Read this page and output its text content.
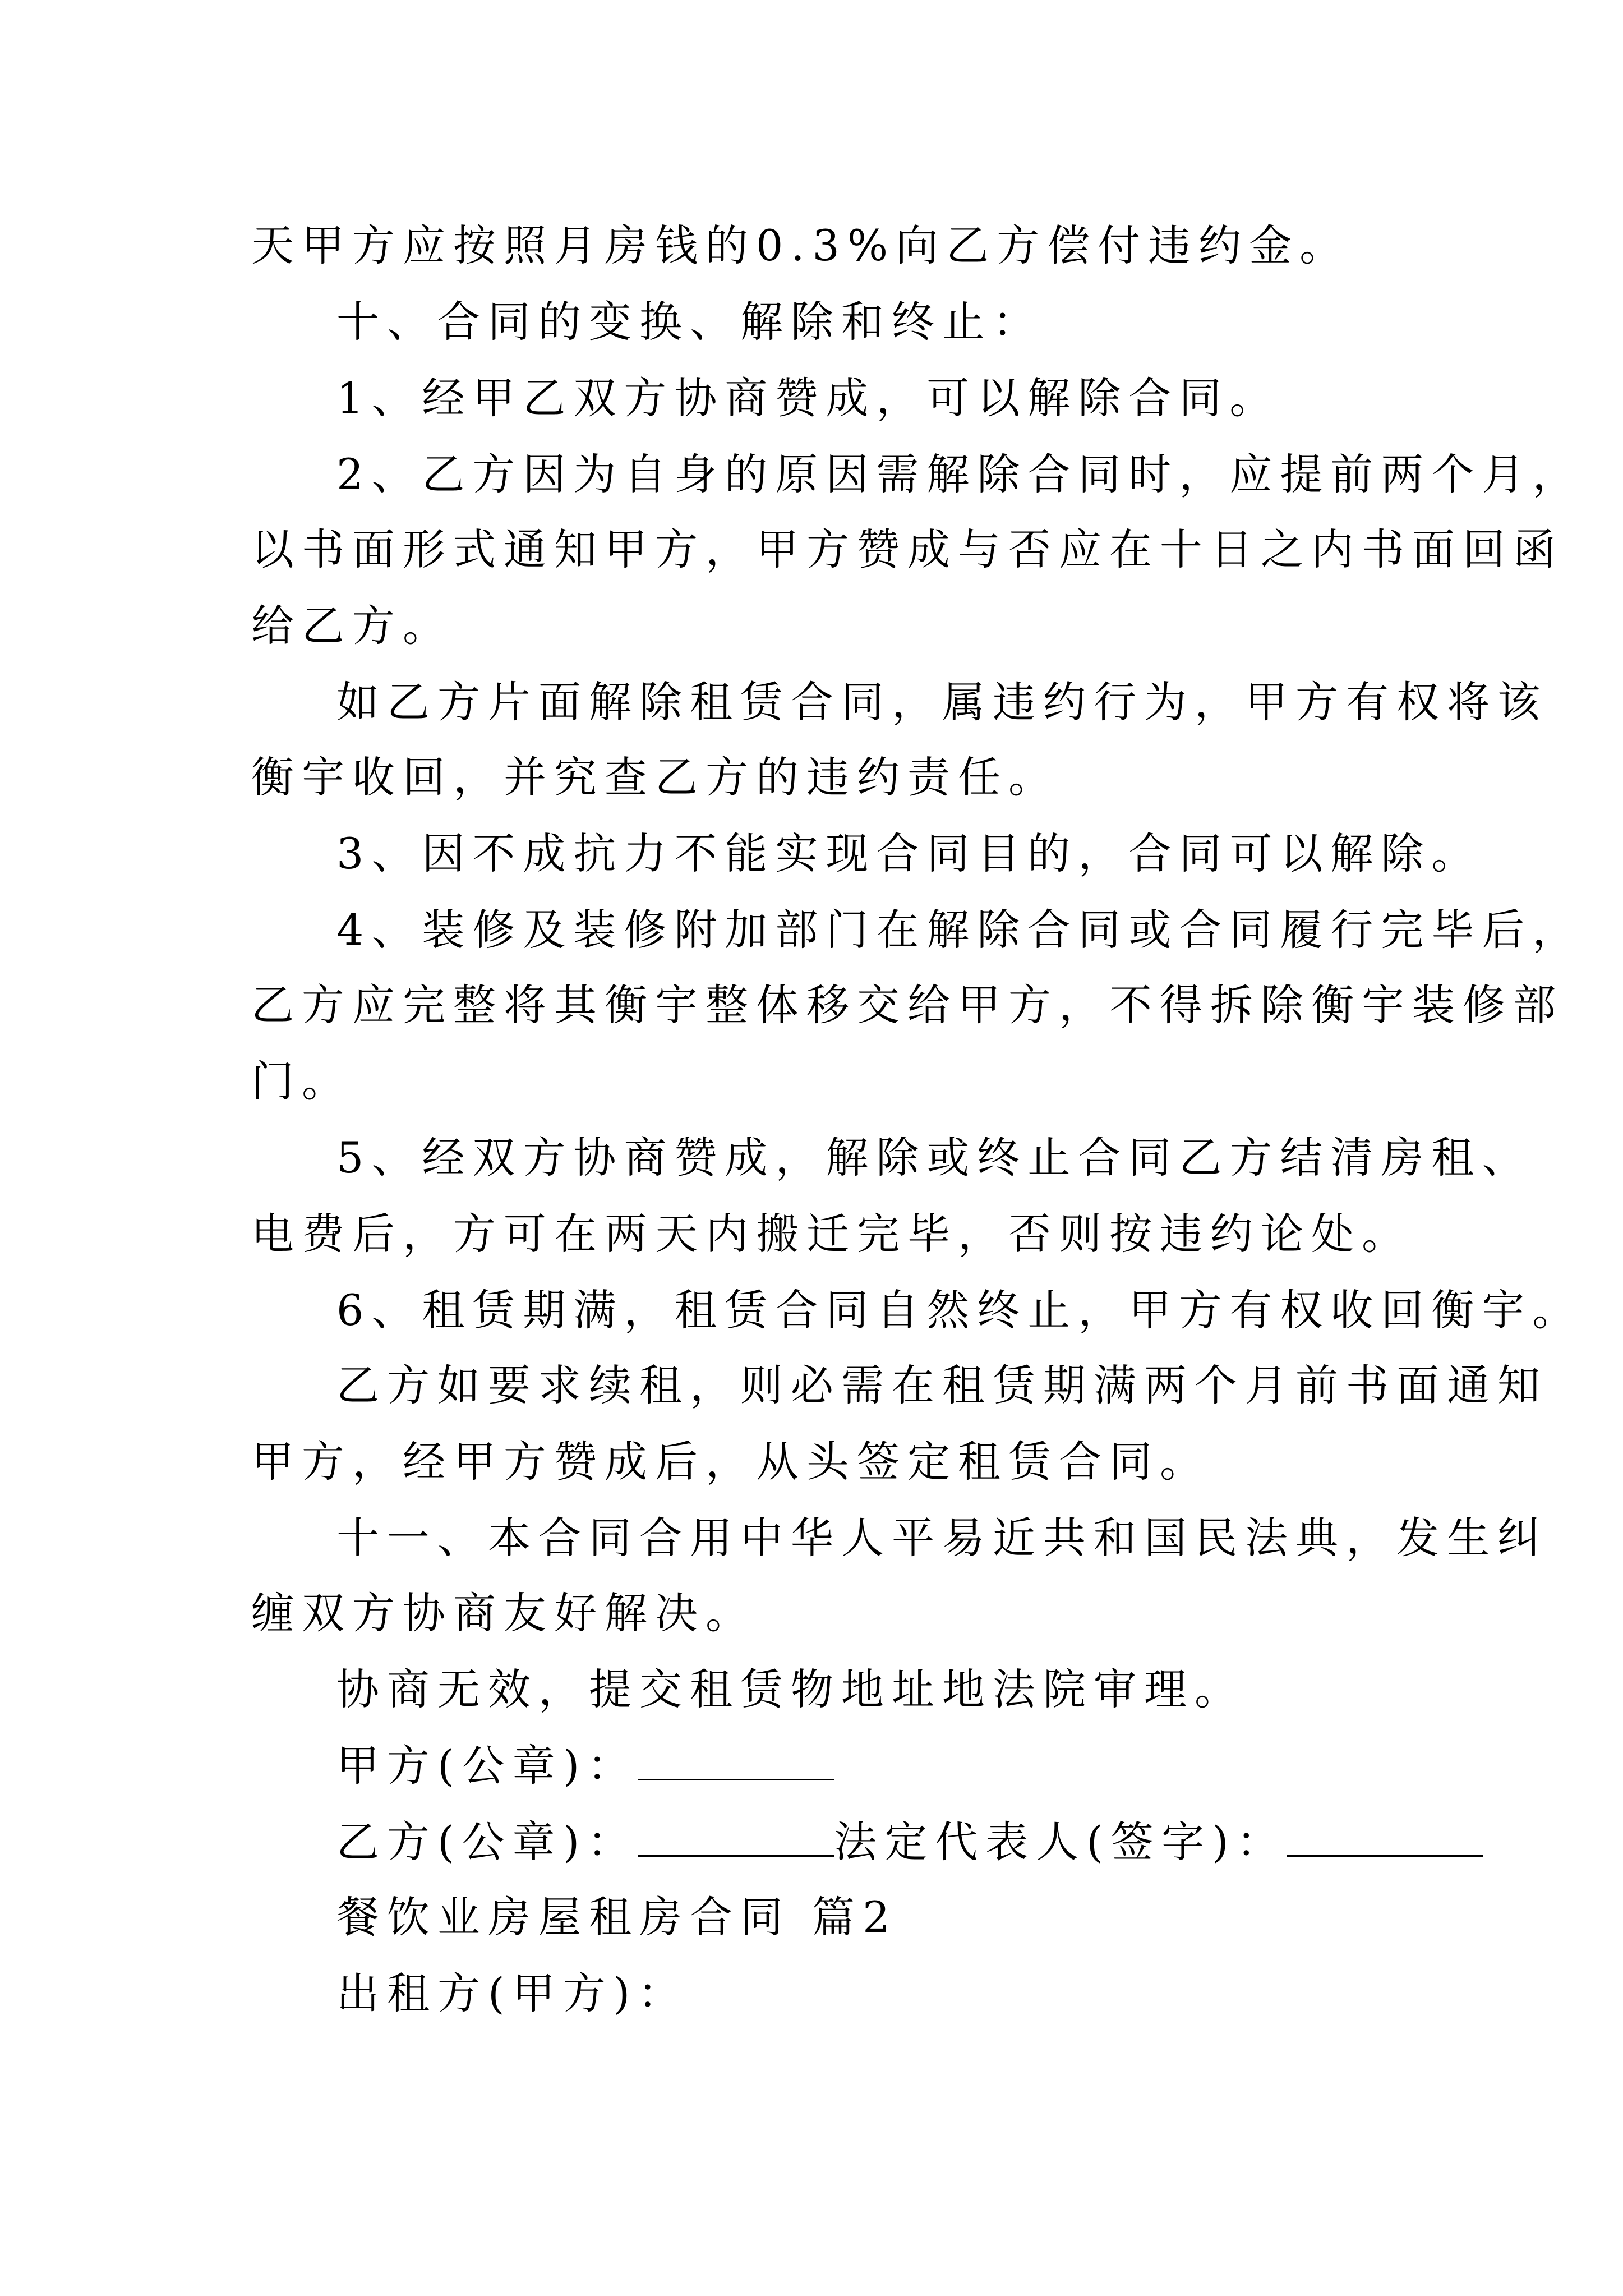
天甲方应按照月房钱的0.3%向乙方偿付违约金。

十、合同的变换、解除和终止：

1、经甲乙双方协商赞成，可以解除合同。

2、乙方因为自身的原因需解除合同时，应提前两个月，

以书面形式通知甲方，甲方赞成与否应在十日之内书面回函

给乙方。

如乙方片面解除租赁合同，属违约行为，甲方有权将该

衡宇收回，并究查乙方的违约责任。

3、因不成抗力不能实现合同目的，合同可以解除。

4、装修及装修附加部门在解除合同或合同履行完毕后，

乙方应完整将其衡宇整体移交给甲方，不得拆除衡宇装修部

门。

5、经双方协商赞成，解除或终止合同乙方结清房租、

电费后，方可在两天内搬迁完毕，否则按违约论处。

6、租赁期满，租赁合同自然终止，甲方有权收回衡宇。

乙方如要求续租，则必需在租赁期满两个月前书面通知

甲方，经甲方赞成后，从头签定租赁合同。

十一、本合同合用中华人平易近共和国民法典，发生纠

缠双方协商友好解决。

协商无效，提交租赁物地址地法院审理。

甲方(公章)：

乙方(公章)：	法定代表人(签字)：

餐饮业房屋租房合同 篇2

出租方(甲方)：
